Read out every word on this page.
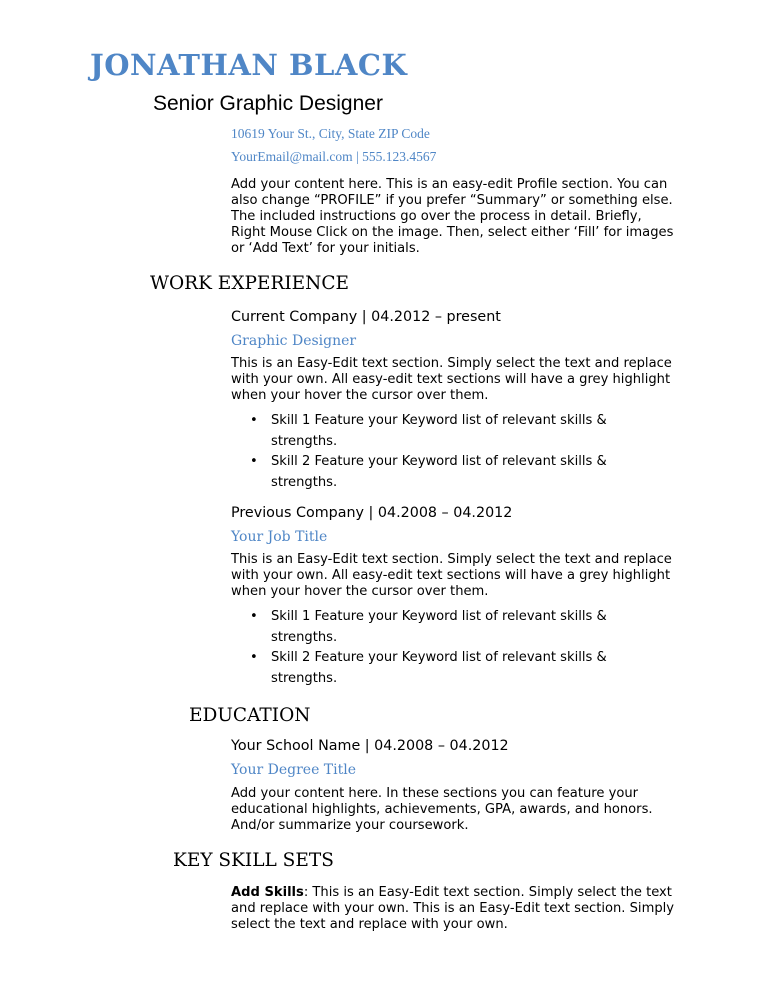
JONATHAN BLACK
Senior Graphic Designer
10619 Your St., City, State ZIP Code
YourEmail@mail.com | 555.123.4567

Add your content here. This is an easy-edit Profile section. You can also change “PROFILE” if you prefer “Summary” or something else. The included instructions go over the process in detail. Briefly, Right Mouse Click on the image. Then, select either ‘Fill’ for images or ‘Add Text’ for your initials.

WORK EXPERIENCE
Current Company | 04.2012 – present
Graphic Designer

This is an Easy-Edit text section. Simply select the text and replace with your own. All easy-edit text sections will have a grey highlight when your hover the cursor over them.

• Skill 1 Feature your Keyword list of relevant skills & strengths.
• Skill 2 Feature your Keyword list of relevant skills & strengths.
Previous Company | 04.2008 – 04.2012
Your Job Title

This is an Easy-Edit text section. Simply select the text and replace with your own. All easy-edit text sections will have a grey highlight when your hover the cursor over them.

• Skill 1 Feature your Keyword list of relevant skills & strengths.
• Skill 2 Feature your Keyword list of relevant skills & strengths.
EDUCATION
Your School Name | 04.2008 – 04.2012
Your Degree Title

Add your content here. In these sections you can feature your educational highlights, achievements, GPA, awards, and honors. And/or summarize your coursework.

KEY SKILL SETS

Add Skills: This is an Easy-Edit text section. Simply select the text and replace with your own. This is an Easy-Edit text section. Simply select the text and replace with your own.
